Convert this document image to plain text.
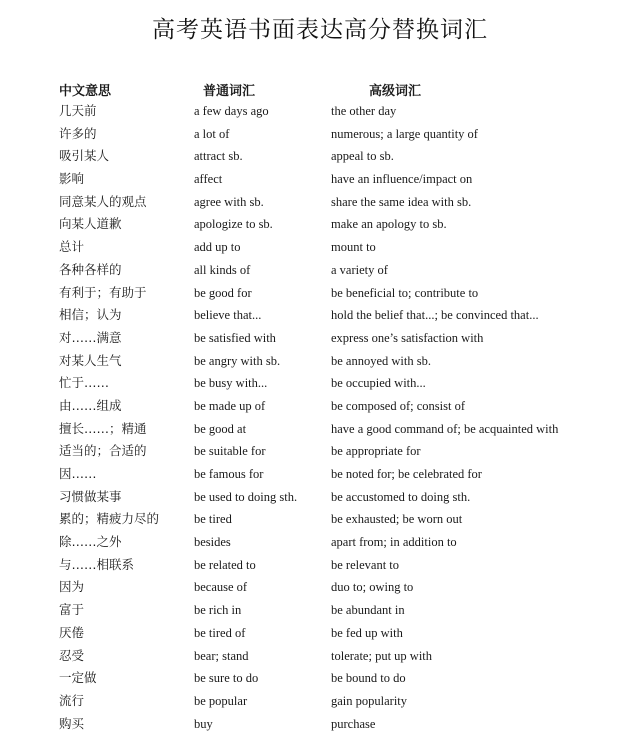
高考英语书面表达高分替换词汇
中文意思	普通词汇	高级词汇
几天前	a few days ago	the other day
许多的	a lot of	numerous; a large quantity of
吸引某人	attract sb.	appeal to sb.
影响	affect	have an influence/impact on
同意某人的观点	agree with sb.	share the same idea with sb.
向某人道歉	apologize to sb.	make an apology to sb.
总计	add up to	mount to
各种各样的	all kinds of	a variety of
有利于；有助于	be good for	be beneficial to; contribute to
相信；认为	believe that...	hold the belief that...; be convinced that...
对……满意	be satisfied with	express one’s satisfaction with
对某人生气	be angry with sb.	be annoyed with sb.
忙于……	be busy with...	be occupied with...
由……组成	be made up of	be composed of; consist of
擅长……；精通	be good at	have a good command of; be acquainted with
适当的；合适的	be suitable for	be appropriate for
因……	be famous for	be noted for; be celebrated for
习惯做某事	be used to doing sth.	be accustomed to doing sth.
累的；精疲力尽的	be tired	be exhausted; be worn out
除……之外	besides	apart from; in addition to
与……相联系	be related to	be relevant to
因为	because of	duo to; owing to
富于	be rich in	be abundant in
厌倦	be tired of	be fed up with
忍受	bear; stand	tolerate; put up with
一定做	be sure to do	be bound to do
流行	be popular	gain popularity
购买	buy	purchase
